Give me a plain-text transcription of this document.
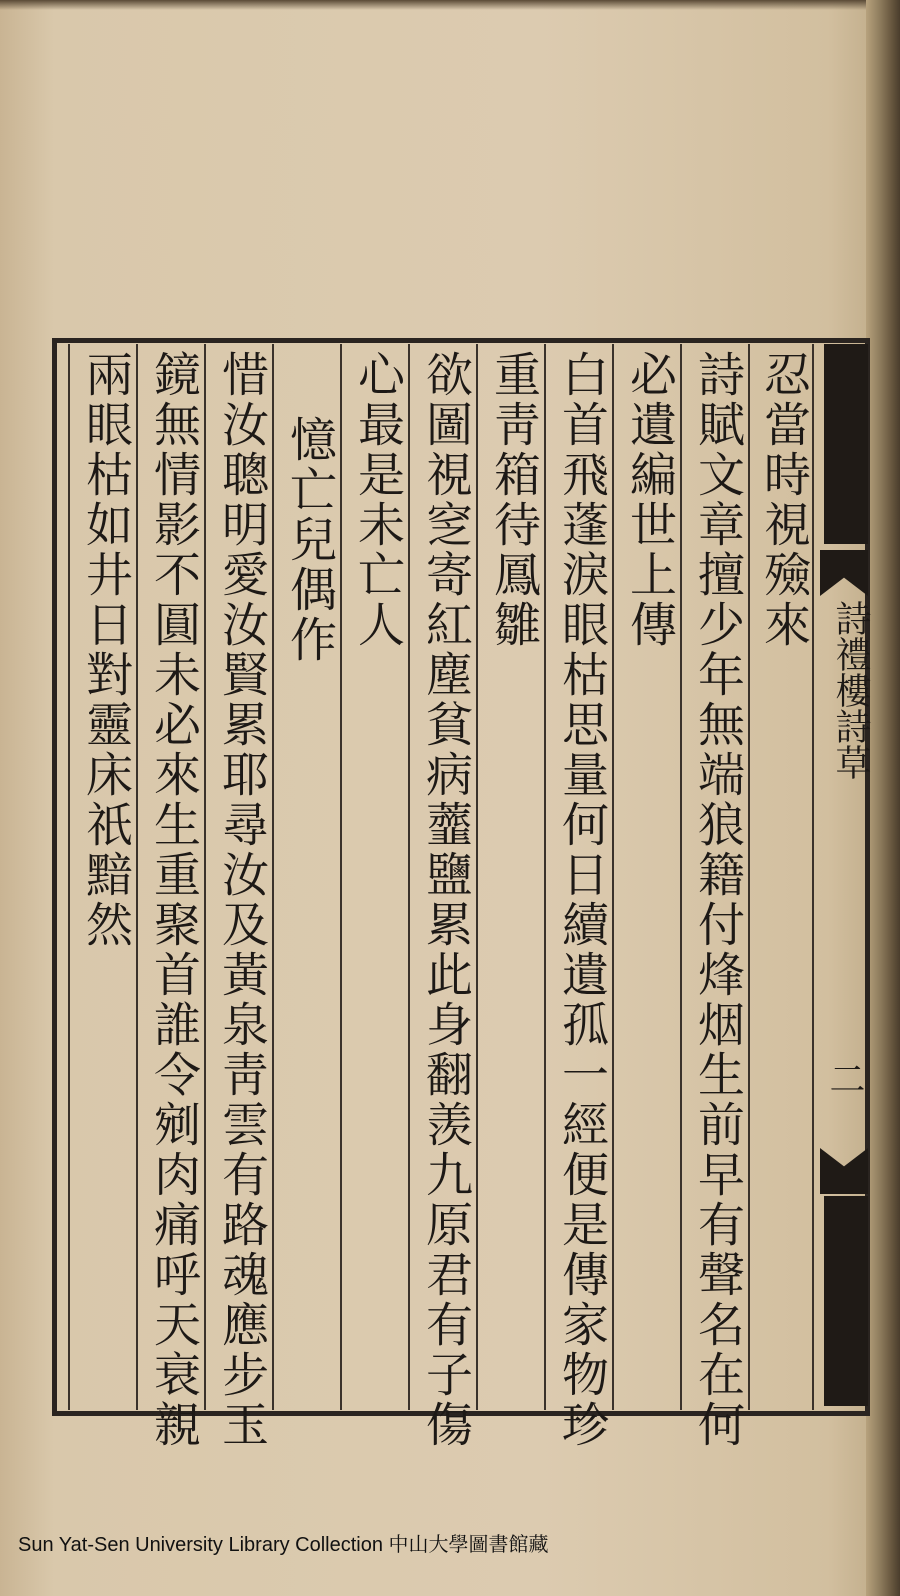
詩禮樓詩草
二
忍當時視殮來
詩賦文章擅少年無端狼籍付烽烟生前早有聲名在何
必遺編世上傳
白首飛蓬淚眼枯思量何日續遺孤一經便是傳家物珍
重靑箱待鳳雛
欲圖視窆寄紅塵貧病虀鹽累此身翻羡九原君有子傷
心最是未亡人
憶亡兒偶作
惜汝聰明愛汝賢累耶尋汝及黃泉靑雲有路魂應步玉
鏡無情影不圓未必來生重聚首誰令剜肉痛呼天衰親
兩眼枯如井日對靈床祇黯然
Sun Yat-Sen University Library Collection 中山大學圖書館藏
